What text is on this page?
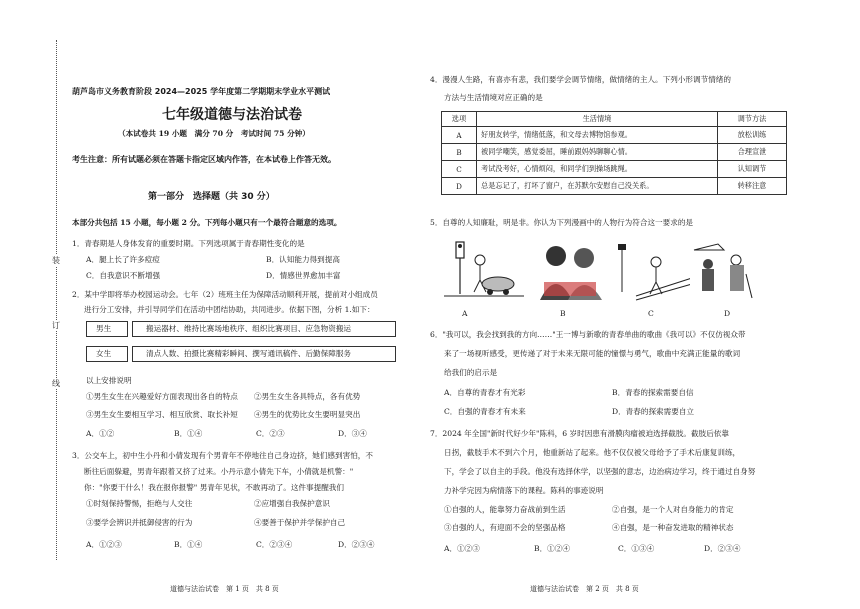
装
订
线
葫芦岛市义务教育阶段 2024—2025 学年度第二学期期末学业水平测试
七年级道德与法治试卷
（本试卷共 19 小题　满分 70 分　考试时间 75 分钟）
考生注意：所有试题必须在答题卡指定区域内作答，在本试卷上作答无效。
第一部分　选择题（共 30 分）
本部分共包括 15 小题，每小题 2 分。下列每小题只有一个最符合题意的选项。
1．青春期是人身体发育的重要时期。下列选项属于青春期性变化的是
A．腿上长了许多痘痘	B．认知能力得到提高
C．自我意识不断增强	D．情感世界愈加丰富
2．某中学即将举办校园运动会。七年（2）班班主任为保障活动顺利开展，提前对小组成员
进行分工安排，并引导同学们在活动中团结协助，共同进步。依据下图，分析 1.如下：
男生	搬运器材、维持比赛场地秩序、组织比赛项目、应急物资搬运
女生	清点人数、拍摄比赛精彩瞬间、撰写通讯稿件、后勤保障服务
以上安排说明
①男生女生在兴趣爱好方面表现出各自的特点 ②男生女生各具特点，各有优势
③男生女生要相互学习、相互欣赏、取长补短 ④男生的优势比女生要明显突出
A．①②	B．①④	C．②③	D．③④
3．公交车上，初中生小丹和小倩发现有个男青年不停地往自己身边挤，她们感到害怕，不
断往后面躲避，男青年跟着又挤了过来。小丹示意小倩先下车，小倩就是机警："
你："你要干什么！我在报你报警" 男青年见状，不敢再动了。这件事提醒我们
①时刻保持警惕，拒绝与人交往	②应增强自我保护意识
③要学会辨识并抵御侵害的行为	④要善于保护并学保护自己
A．①②③	B．①④	C．②③④	D．②③④
道德与法治试卷　第 1 页　共 8 页
4．漫漫人生路，有喜亦有悲，我们要学会调节情绪，做情绪的主人。下列小形调节情绪的
方法与生活情境对应正确的是
选项	生活情境	调节方法
A	好朋友转学，情绪低落，和文母去博物馆参观。	放松训练
B	被同学嘲笑，感觉委屈，睡前跟妈妈聊聊心情。	合理宣泄
C	考试没考好，心情烦闷，和同学们到操场跳绳。	认知调节
D	总是忘记了，打坏了窗户，在苏默尔安慰自己没关系。	转移注意
5．自尊的人知廉耻，明是非。你认为下列漫画中的人物行为符合这一要求的是
A	B	C	D
6．"我可以，我会找到我的方向……"王一博与新歌的青春单曲的歌曲《我可以》不仅仿视众带
来了一场视听感受，更传递了对于未来无限可能的憧憬与勇气，歌曲中充满正能量的歌词
给我们的启示是
A．自尊的青春才有光彩	B．青春的探索需要自信
C．自强的青春才有未来	D．青春的探索需要自立
7．2024 年全国"新时代好少年"陈科，6 岁时因患有滑膜肉瘤被迫选择截肢。截肢后依靠
日拐，截肢手术不到六个月，他重新站了起来。他不仅仅被父母给予了手术后康复训练，
下，学会了以自主的手段。他没有选择休学，以坚强的意志，边治病边学习，终于通过自身努
力补学完因为病情落下的课程。陈科的事迹说明
①自强的人，能靠努力奋战前到生活	②自强，是一个人对自身能力的肯定
③自强的人，有迎面不会的坚强品格	④自强，是一种奋发进取的精神状态
A．①②③	B．①②④	C．①③④	D．②③④
道德与法治试卷　第 2 页　共 8 页
